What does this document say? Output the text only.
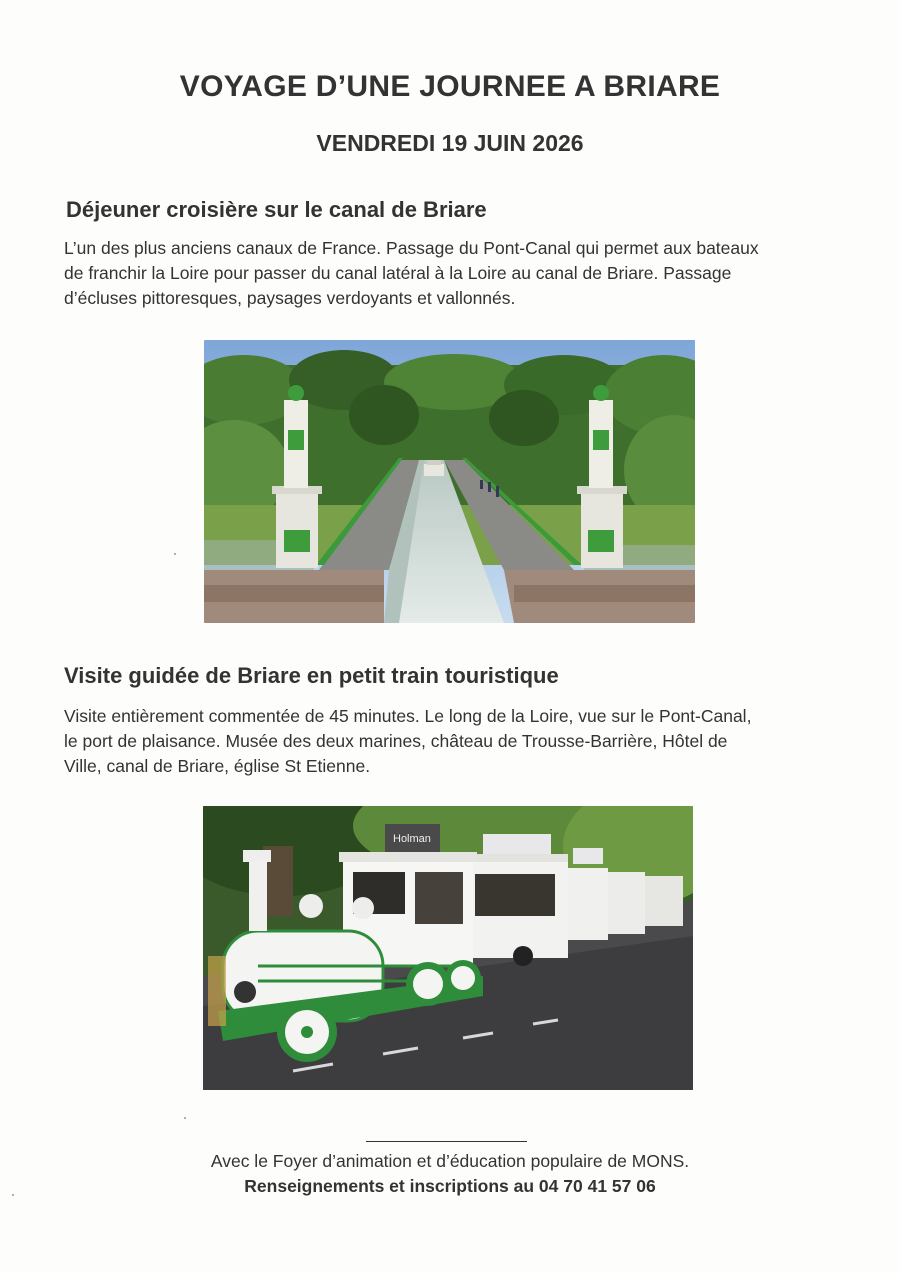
VOYAGE D’UNE JOURNEE A BRIARE
VENDREDI 19 JUIN 2026
Déjeuner croisière sur le canal de Briare
L’un des plus anciens canaux de France. Passage du Pont-Canal qui permet aux bateaux
de franchir la Loire pour passer du canal latéral à la Loire au canal de Briare. Passage
d’écluses pittoresques, paysages verdoyants et vallonnés.
Visite guidée de Briare en petit train touristique
Visite entièrement commentée de 45 minutes. Le long de la Loire, vue sur le Pont-Canal,
le port de plaisance. Musée des deux marines, château de Trousse-Barrière, Hôtel de
Ville, canal de Briare, église St Etienne.
Holman
Avec le Foyer d’animation et d’éducation populaire de MONS.
Renseignements et inscriptions au 04 70 41 57 06
